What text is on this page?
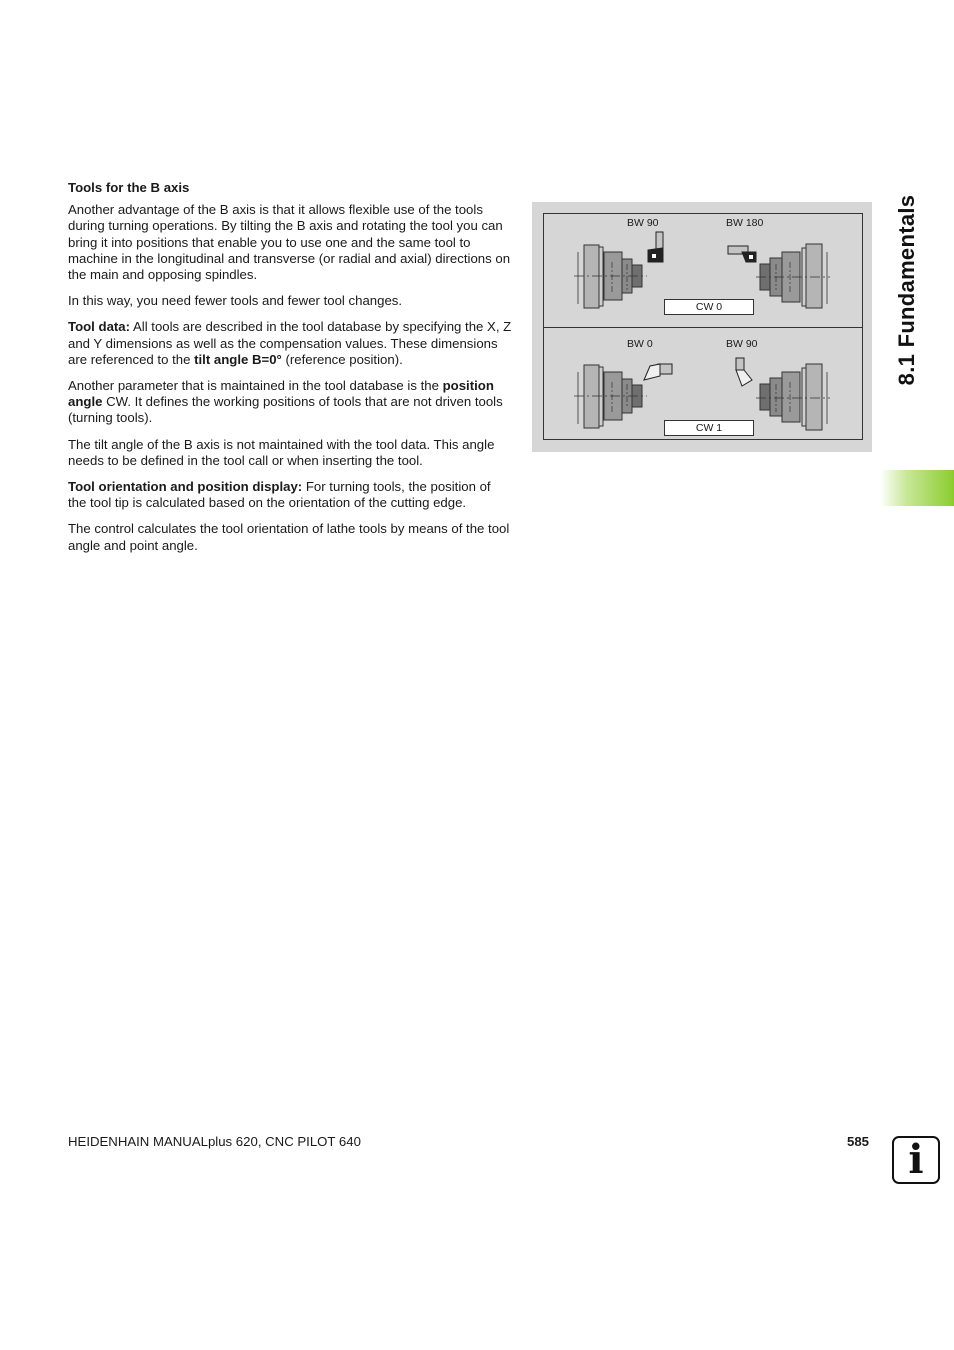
Tools for the B axis

Another advantage of the B axis is that it allows flexible use of the tools during turning operations. By tilting the B axis and rotating the tool you can bring it into positions that enable you to use one and the same tool to machine in the longitudinal and transverse (or radial and axial) directions on the main and opposing spindles.

In this way, you need fewer tools and fewer tool changes.

Tool data: All tools are described in the tool database by specifying the X, Z and Y dimensions as well as the compensation values. These dimensions are referenced to the tilt angle B=0° (reference position).

Another parameter that is maintained in the tool database is the position angle CW. It defines the working positions of tools that are not driven tools (turning tools).

The tilt angle of the B axis is not maintained with the tool data. This angle needs to be defined in the tool call or when inserting the tool.

Tool orientation and position display: For turning tools, the position of the tool tip is calculated based on the orientation of the cutting edge.

The control calculates the tool orientation of lathe tools by means of the tool angle and point angle.

BW 90	BW 180
CW 0
BW 0	BW 90
CW 1
8.1 Fundamentals
HEIDENHAIN MANUALplus 620, CNC PILOT 640	585 i
